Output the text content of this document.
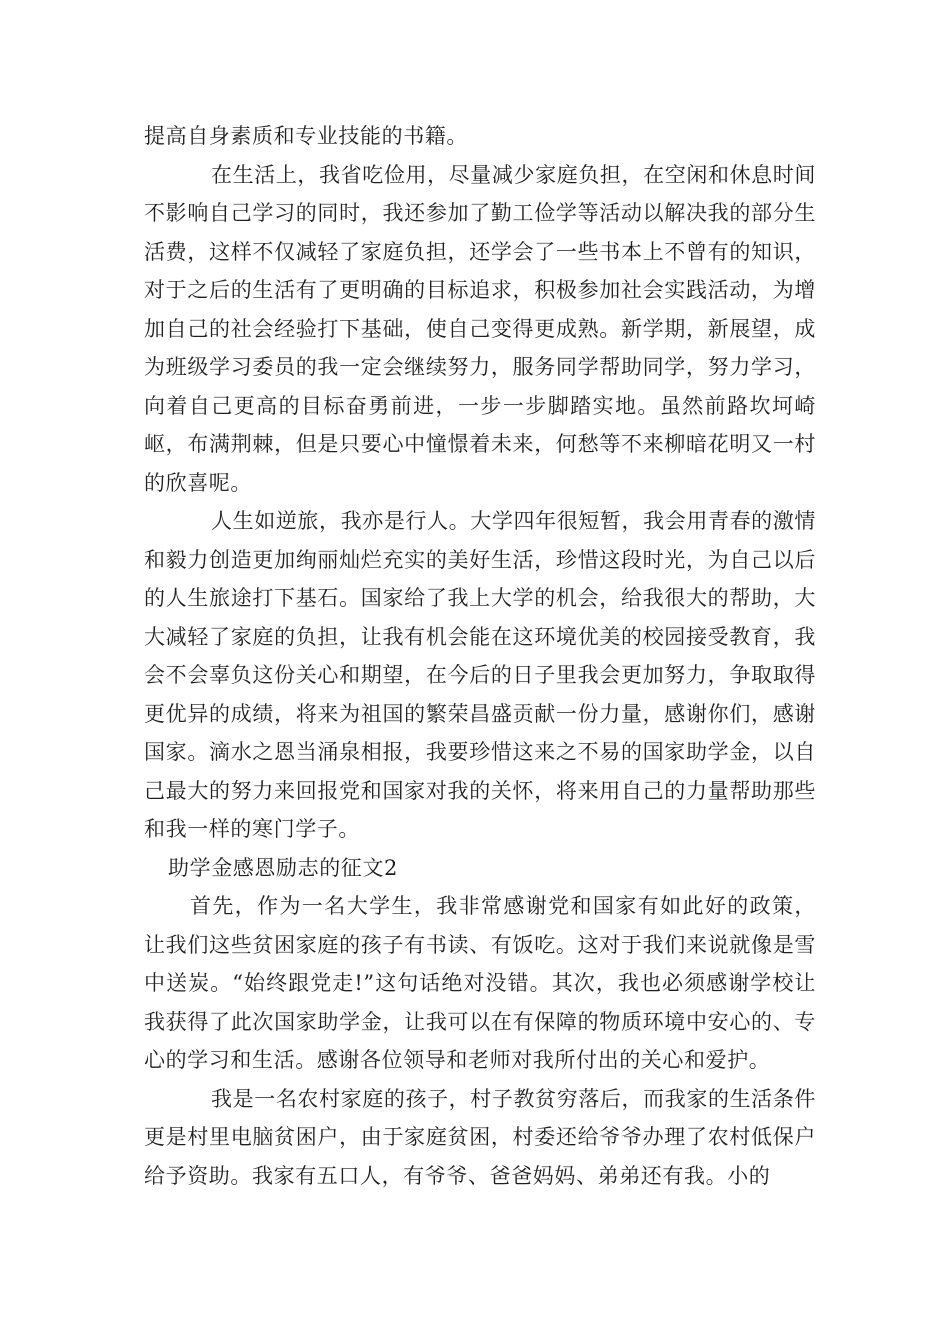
提高自身素质和专业技能的书籍。

在生活上，我省吃俭用，尽量减少家庭负担，在空闲和休息时间不影响自己学习的同时，我还参加了勤工俭学等活动以解决我的部分生活费，这样不仅减轻了家庭负担，还学会了一些书本上不曾有的知识，对于之后的生活有了更明确的目标追求，积极参加社会实践活动，为增加自己的社会经验打下基础，使自己变得更成熟。新学期，新展望，成为班级学习委员的我一定会继续努力，服务同学帮助同学，努力学习，向着自己更高的目标奋勇前进，一步一步脚踏实地。虽然前路坎坷崎岖，布满荆棘，但是只要心中憧憬着未来，何愁等不来柳暗花明又一村的欣喜呢。

人生如逆旅，我亦是行人。大学四年很短暂，我会用青春的激情和毅力创造更加绚丽灿烂充实的美好生活，珍惜这段时光，为自己以后的人生旅途打下基石。国家给了我上大学的机会，给我很大的帮助，大大减轻了家庭的负担，让我有机会能在这环境优美的校园接受教育，我会不会辜负这份关心和期望，在今后的日子里我会更加努力，争取取得更优异的成绩，将来为祖国的繁荣昌盛贡献一份力量，感谢你们，感谢国家。滴水之恩当涌泉相报，我要珍惜这来之不易的国家助学金，以自己最大的努力来回报党和国家对我的关怀，将来用自己的力量帮助那些和我一样的寒门学子。

助学金感恩励志的征文2

首先，作为一名大学生，我非常感谢党和国家有如此好的政策，让我们这些贫困家庭的孩子有书读、有饭吃。这对于我们来说就像是雪中送炭。“始终跟党走!”这句话绝对没错。其次，我也必须感谢学校让我获得了此次国家助学金，让我可以在有保障的物质环境中安心的、专心的学习和生活。感谢各位领导和老师对我所付出的关心和爱护。

我是一名农村家庭的孩子，村子教贫穷落后，而我家的生活条件更是村里电脑贫困户，由于家庭贫困，村委还给爷爷办理了农村低保户给予资助。我家有五口人，有爷爷、爸爸妈妈、弟弟还有我。小的
